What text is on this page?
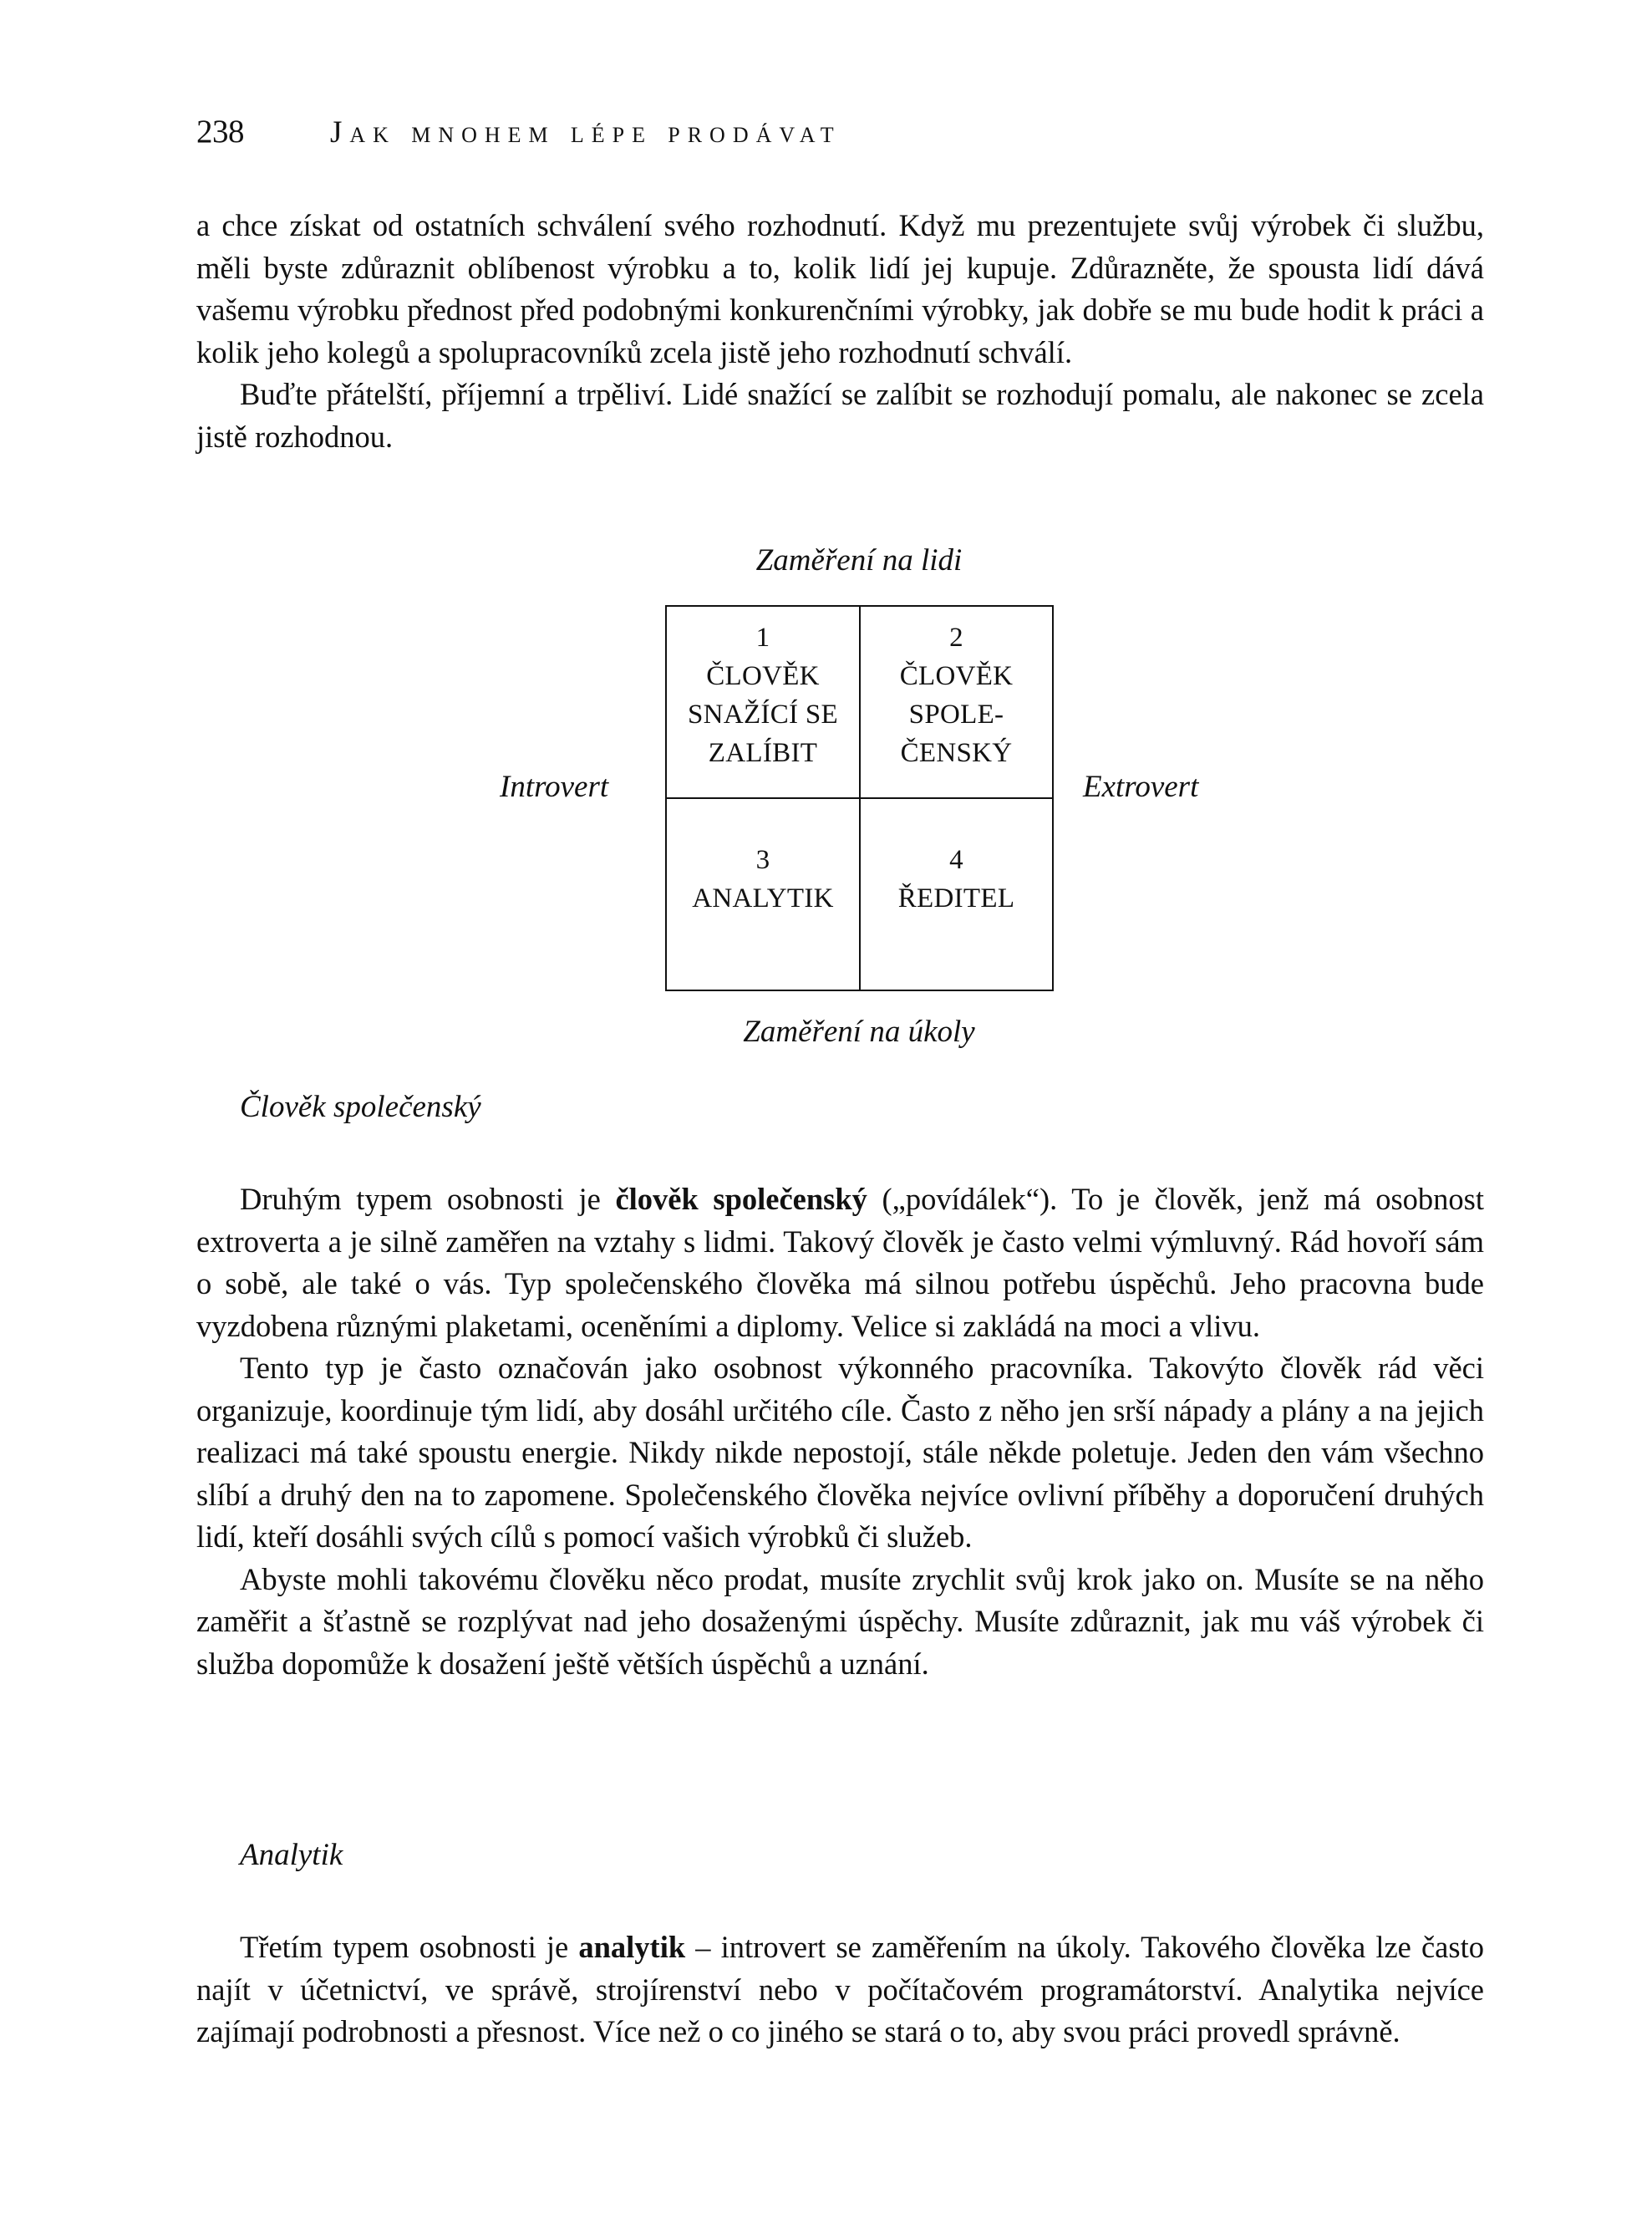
238	Jak mnohem lépe prodávat

a chce získat od ostatních schválení svého rozhodnutí. Když mu prezentujete svůj výrobek či službu, měli byste zdůraznit oblíbenost výrobku a to, kolik lidí jej kupuje. Zdůrazněte, že spousta lidí dává vašemu výrobku přednost před podobnými konkurenčními výrobky, jak dobře se mu bude hodit k práci a kolik jeho kolegů a spolupracovníků zcela jistě jeho rozhodnutí schválí.

Buďte přátelští, příjemní a trpěliví. Lidé snažící se zalíbit se rozhodují pomalu, ale nakonec se zcela jistě rozhodnou.

Zaměření na lidi
Introvert	Extrovert
1
ČLOVĚK
SNAŽÍCÍ SE
ZALÍBIT
2
ČLOVĚK
SPOLE-
ČENSKÝ
3
ANALYTIK
4
ŘEDITEL
Zaměření na úkoly
Člověk společenský

Druhým typem osobnosti je člověk společenský („povídálek“). To je člověk, jenž má osobnost extroverta a je silně zaměřen na vztahy s lidmi. Takový člověk je často velmi výmluvný. Rád hovoří sám o sobě, ale také o vás. Typ společenského člověka má silnou potřebu úspěchů. Jeho pracovna bude vyzdobena různými plaketami, oceněními a diplomy. Velice si zakládá na moci a vlivu.

Tento typ je často označován jako osobnost výkonného pracovníka. Takovýto člověk rád věci organizuje, koordinuje tým lidí, aby dosáhl určitého cíle. Často z něho jen srší nápady a plány a na jejich realizaci má také spoustu energie. Nikdy nikde nepostojí, stále někde poletuje. Jeden den vám všechno slíbí a druhý den na to zapomene. Společenského člověka nejvíce ovlivní příběhy a doporučení druhých lidí, kteří dosáhli svých cílů s pomocí vašich výrobků či služeb.

Abyste mohli takovému člověku něco prodat, musíte zrychlit svůj krok jako on. Musíte se na něho zaměřit a šťastně se rozplývat nad jeho dosaženými úspěchy. Musíte zdůraznit, jak mu váš výrobek či služba dopomůže k dosažení ještě větších úspěchů a uznání.

Analytik

Třetím typem osobnosti je analytik – introvert se zaměřením na úkoly. Takového člověka lze často najít v účetnictví, ve správě, strojírenství nebo v počítačovém programátorství. Analytika nejvíce zajímají podrobnosti a přesnost. Více než o co jiného se stará o to, aby svou práci provedl správně.
